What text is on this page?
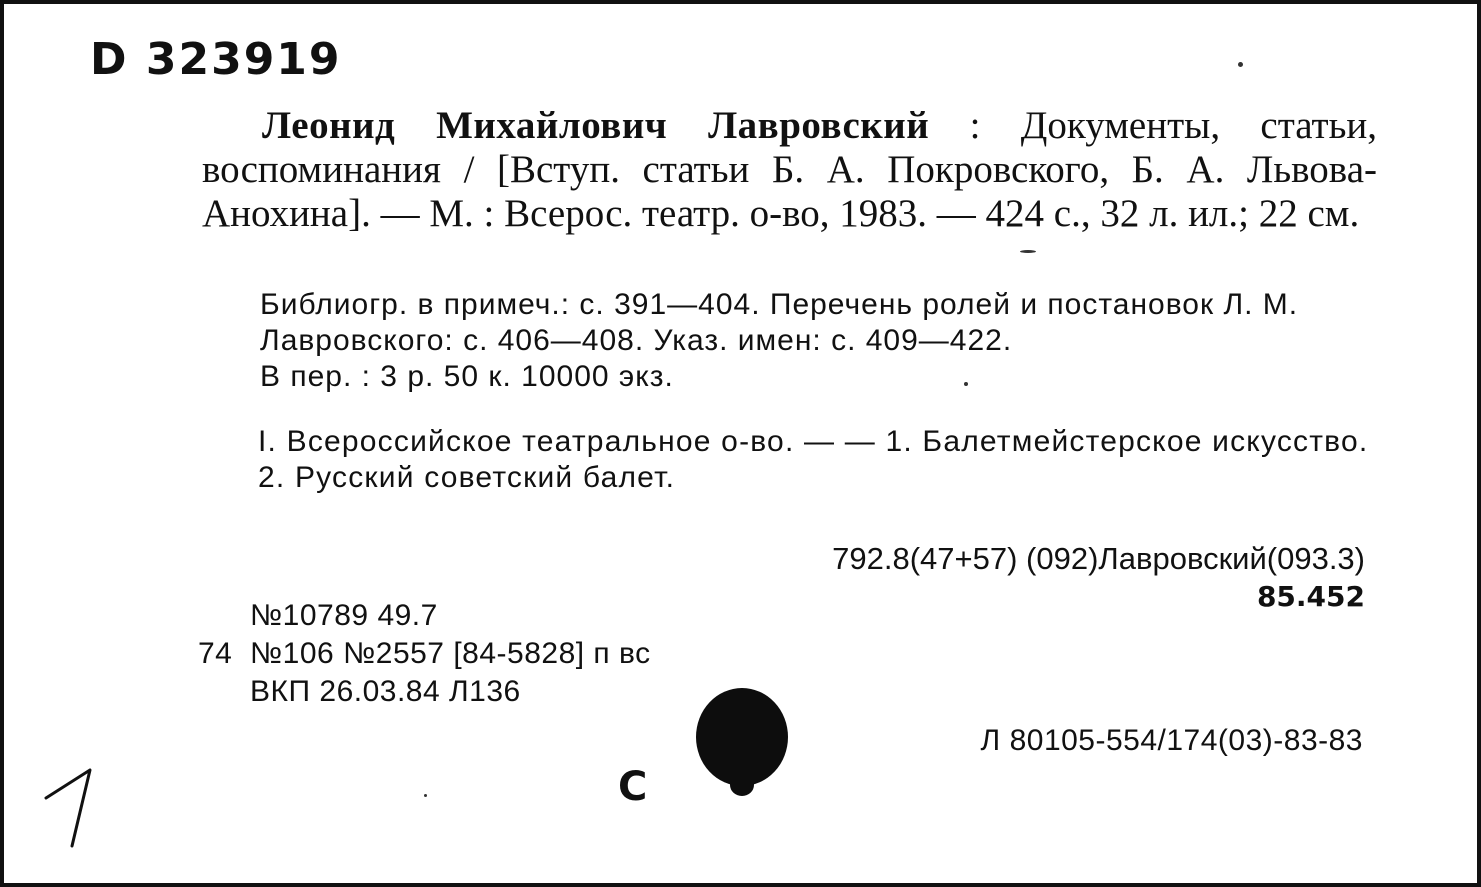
D 323919
Леонид Михайлович Лавровский : Документы, статьи, воспоминания / [Вступ. статьи Б. А. Покровского, Б. А. Львова-Анохина]. — М. : Всерос. театр. о-во, 1983. — 424 с., 32 л. ил.; 22 см.

Библиогр. в примеч.: с. 391—404. Перечень ролей и постановок Л. М. Лавровского: с. 406—408. Указ. имен: с. 409—422.

В пер. : 3 р. 50 к. 10000 экз.

I. Всероссийское театральное о-во. — — 1. Балетмейстерское искусство. 2. Русский советский балет.
792.8(47+57) (092)Лавровский(093.3)
85.452
№10789 49.7
74 №106 №2557 [84-5828] п вс
ВКП 26.03.84 Л136
Л 80105-554/174(03)-83-83
C
